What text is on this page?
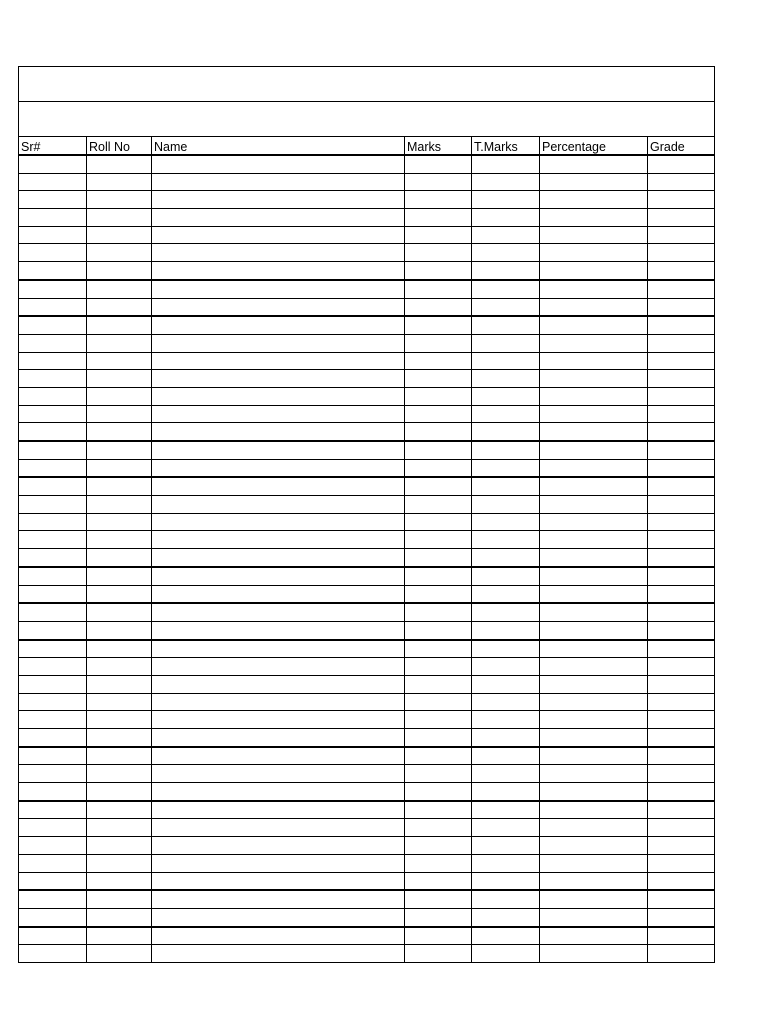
Sr#	Roll No	Name	Marks	T.Marks	Percentage	Grade
